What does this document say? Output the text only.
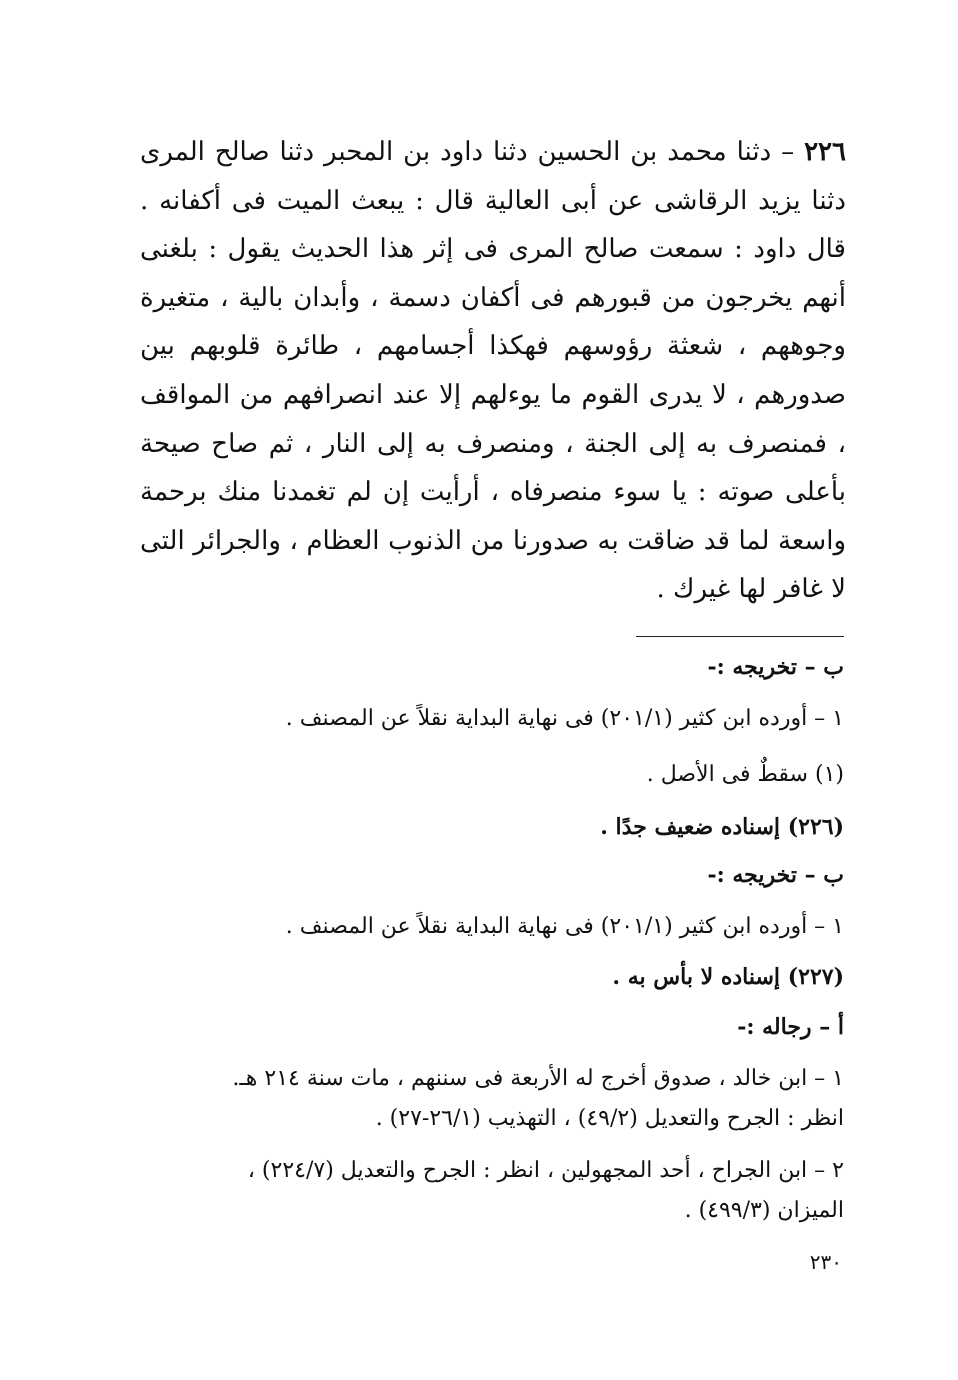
٢٢٦ – دثنا محمد بن الحسين دثنا داود بن المحبر دثنا صالح المرى دثنا يزيد الرقاشى عن أبى العالية قال : يبعث الميت فى أكفانه . قال داود : سمعت صالح المرى فى إثر هذا الحديث يقول : بلغنى أنهم يخرجون من قبورهم فى أكفان دسمة ، وأبدان بالية ، متغيرة وجوههم ، شعثة رؤوسهم فهكذا أجسامهم ، طائرة قلوبهم بين صدورهم ، لا يدرى القوم ما يوءلهم إلا عند انصرافهم من المواقف ، فمنصرف به إلى الجنة ، ومنصرف به إلى النار ، ثم صاح صيحة بأعلى صوته : يا سوء منصرفاه ، أرأيت إن لم تغمدنا منك برحمة واسعة لما قد ضاقت به صدورنا من الذنوب العظام ، والجرائر التى لا غافر لها غيرك .
ب – تخريجه :-
١ – أورده ابن كثير (٢٠١/١) فى نهاية البداية نقلاً عن المصنف .
(١) سقطٌ فى الأصل .
(٢٢٦) إسناده ضعيف جدًا .
ب – تخريجه :-
١ – أورده ابن كثير (٢٠١/١) فى نهاية البداية نقلاً عن المصنف .
(٢٢٧) إسناده لا بأس به .
أ – رجاله :-
١ – ابن خالد ، صدوق أخرج له الأربعة فى سننهم ، مات سنة ٢١٤ هـ.
انظر : الجرح والتعديل (٤٩/٢) ، التهذيب (٢٦/١-٢٧) .
٢ – ابن الجراح ، أحد المجهولين ، انظر : الجرح والتعديل (٢٢٤/٧) ،
الميزان (٤٩٩/٣) .
٢٣٠
